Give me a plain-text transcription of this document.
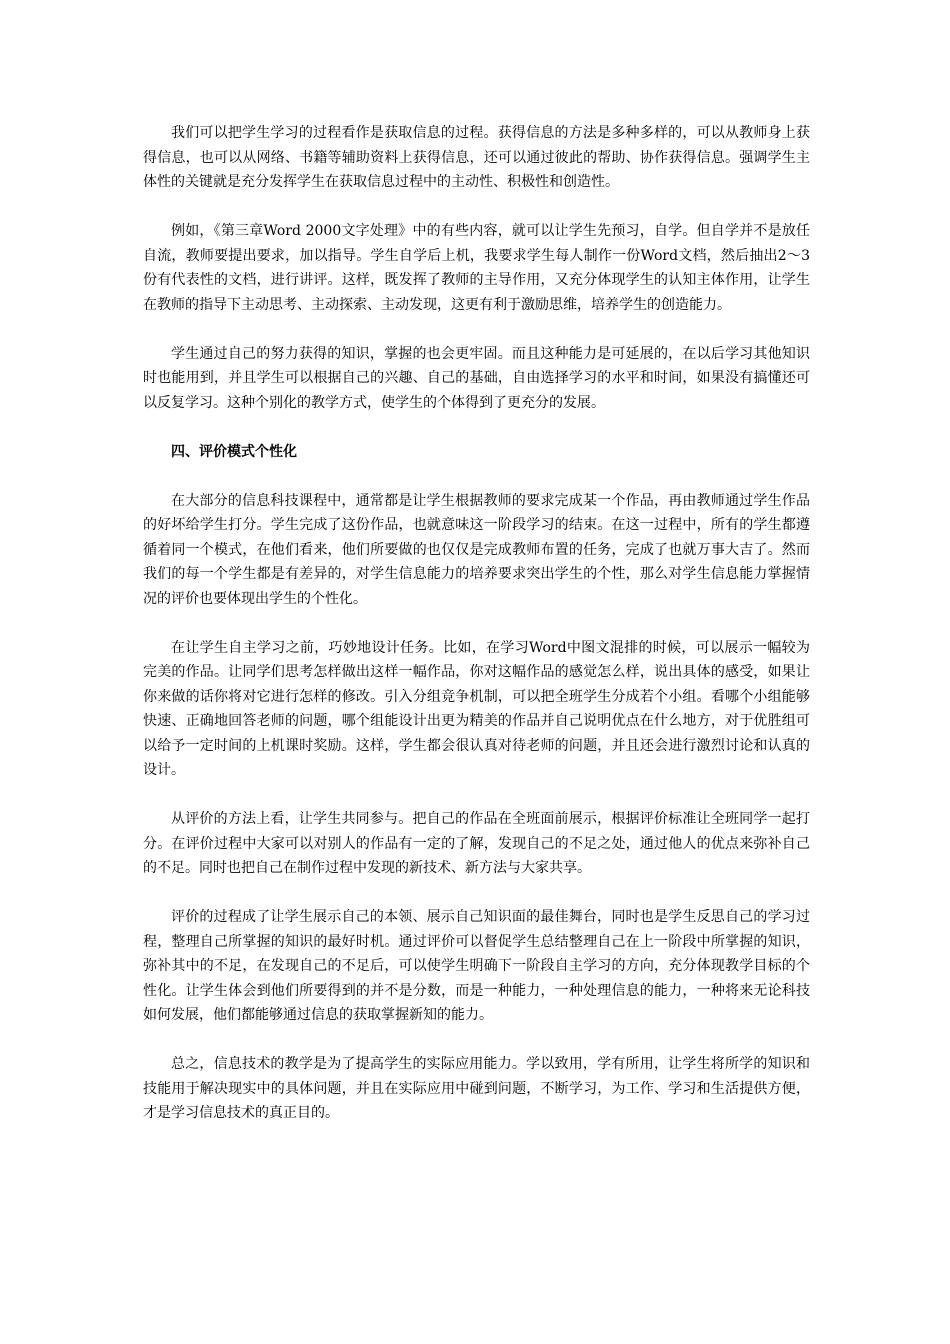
我们可以把学生学习的过程看作是获取信息的过程。获得信息的方法是多种多样的，可以从教师身上获得信息，也可以从网络、书籍等辅助资料上获得信息，还可以通过彼此的帮助、协作获得信息。强调学生主体性的关键就是充分发挥学生在获取信息过程中的主动性、积极性和创造性。

例如，《第三章Word 2000文字处理》中的有些内容，就可以让学生先预习，自学。但自学并不是放任自流，教师要提出要求，加以指导。学生自学后上机，我要求学生每人制作一份Word文档，然后抽出2～3份有代表性的文档，进行讲评。这样，既发挥了教师的主导作用，又充分体现学生的认知主体作用，让学生在教师的指导下主动思考、主动探索、主动发现，这更有利于激励思维，培养学生的创造能力。

学生通过自己的努力获得的知识，掌握的也会更牢固。而且这种能力是可延展的，在以后学习其他知识时也能用到，并且学生可以根据自己的兴趣、自己的基础，自由选择学习的水平和时间，如果没有搞懂还可以反复学习。这种个别化的教学方式，使学生的个体得到了更充分的发展。

四、评价模式个性化

在大部分的信息科技课程中，通常都是让学生根据教师的要求完成某一个作品，再由教师通过学生作品的好坏给学生打分。学生完成了这份作品，也就意味这一阶段学习的结束。在这一过程中，所有的学生都遵循着同一个模式，在他们看来，他们所要做的也仅仅是完成教师布置的任务，完成了也就万事大吉了。然而我们的每一个学生都是有差异的，对学生信息能力的培养要求突出学生的个性，那么对学生信息能力掌握情况的评价也要体现出学生的个性化。

在让学生自主学习之前，巧妙地设计任务。比如，在学习Word中图文混排的时候，可以展示一幅较为完美的作品。让同学们思考怎样做出这样一幅作品，你对这幅作品的感觉怎么样，说出具体的感受，如果让你来做的话你将对它进行怎样的修改。引入分组竞争机制，可以把全班学生分成若个小组。看哪个小组能够快速、正确地回答老师的问题，哪个组能设计出更为精美的作品并自己说明优点在什么地方，对于优胜组可以给予一定时间的上机课时奖励。这样，学生都会很认真对待老师的问题，并且还会进行激烈讨论和认真的设计。

从评价的方法上看，让学生共同参与。把自己的作品在全班面前展示，根据评价标准让全班同学一起打分。在评价过程中大家可以对别人的作品有一定的了解，发现自己的不足之处，通过他人的优点来弥补自己的不足。同时也把自己在制作过程中发现的新技术、新方法与大家共享。

评价的过程成了让学生展示自己的本领、展示自己知识面的最佳舞台，同时也是学生反思自己的学习过程，整理自己所掌握的知识的最好时机。通过评价可以督促学生总结整理自己在上一阶段中所掌握的知识，弥补其中的不足，在发现自己的不足后，可以使学生明确下一阶段自主学习的方向，充分体现教学目标的个性化。让学生体会到他们所要得到的并不是分数，而是一种能力，一种处理信息的能力，一种将来无论科技如何发展，他们都能够通过信息的获取掌握新知的能力。

总之，信息技术的教学是为了提高学生的实际应用能力。学以致用，学有所用，让学生将所学的知识和技能用于解决现实中的具体问题，并且在实际应用中碰到问题，不断学习，为工作、学习和生活提供方便，才是学习信息技术的真正目的。
